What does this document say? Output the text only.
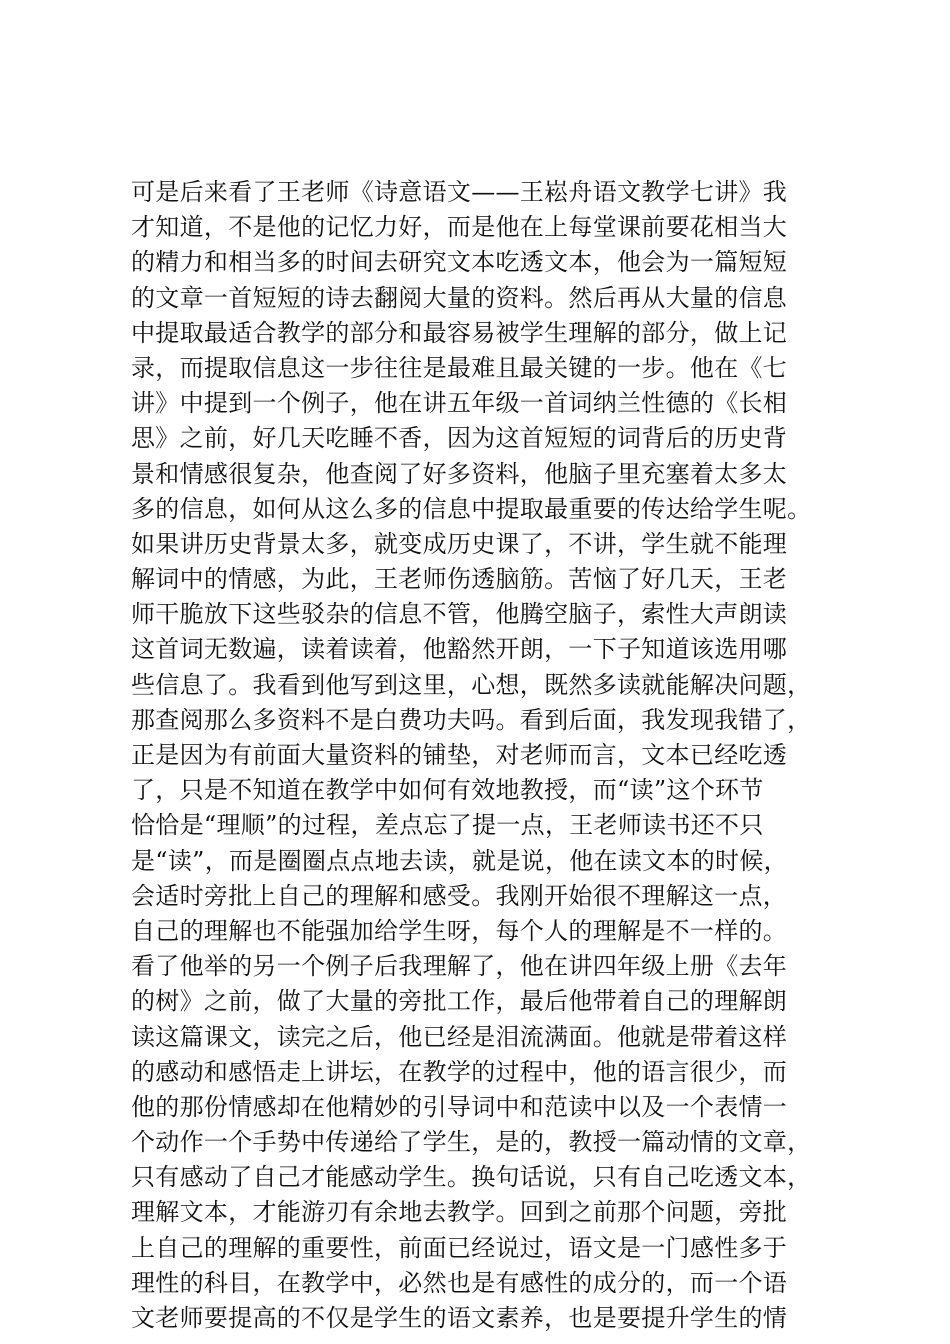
可是后来看了王老师《诗意语文——王崧舟语文教学七讲》我
才知道，不是他的记忆力好，而是他在上每堂课前要花相当大
的精力和相当多的时间去研究文本吃透文本，他会为一篇短短
的文章一首短短的诗去翻阅大量的资料。然后再从大量的信息
中提取最适合教学的部分和最容易被学生理解的部分，做上记
录，而提取信息这一步往往是最难且最关键的一步。他在《七
讲》中提到一个例子，他在讲五年级一首词纳兰性德的《长相
思》之前，好几天吃睡不香，因为这首短短的词背后的历史背
景和情感很复杂，他查阅了好多资料，他脑子里充塞着太多太
多的信息，如何从这么多的信息中提取最重要的传达给学生呢。
如果讲历史背景太多，就变成历史课了，不讲，学生就不能理
解词中的情感，为此，王老师伤透脑筋。苦恼了好几天，王老
师干脆放下这些驳杂的信息不管，他腾空脑子，索性大声朗读
这首词无数遍，读着读着，他豁然开朗，一下子知道该选用哪
些信息了。我看到他写到这里，心想，既然多读就能解决问题，
那查阅那么多资料不是白费功夫吗。看到后面，我发现我错了，
正是因为有前面大量资料的铺垫，对老师而言，文本已经吃透
了，只是不知道在教学中如何有效地教授，而“读”这个环节
恰恰是“理顺”的过程，差点忘了提一点，王老师读书还不只
是“读”，而是圈圈点点地去读，就是说，他在读文本的时候，
会适时旁批上自己的理解和感受。我刚开始很不理解这一点，
自己的理解也不能强加给学生呀，每个人的理解是不一样的。
看了他举的另一个例子后我理解了，他在讲四年级上册《去年
的树》之前，做了大量的旁批工作，最后他带着自己的理解朗
读这篇课文，读完之后，他已经是泪流满面。他就是带着这样
的感动和感悟走上讲坛，在教学的过程中，他的语言很少，而
他的那份情感却在他精妙的引导词中和范读中以及一个表情一
个动作一个手势中传递给了学生，是的，教授一篇动情的文章，
只有感动了自己才能感动学生。换句话说，只有自己吃透文本，
理解文本，才能游刃有余地去教学。回到之前那个问题，旁批
上自己的理解的重要性，前面已经说过，语文是一门感性多于
理性的科目，在教学中，必然也是有感性的成分的，而一个语
文老师要提高的不仅是学生的语文素养，也是要提升学生的情
